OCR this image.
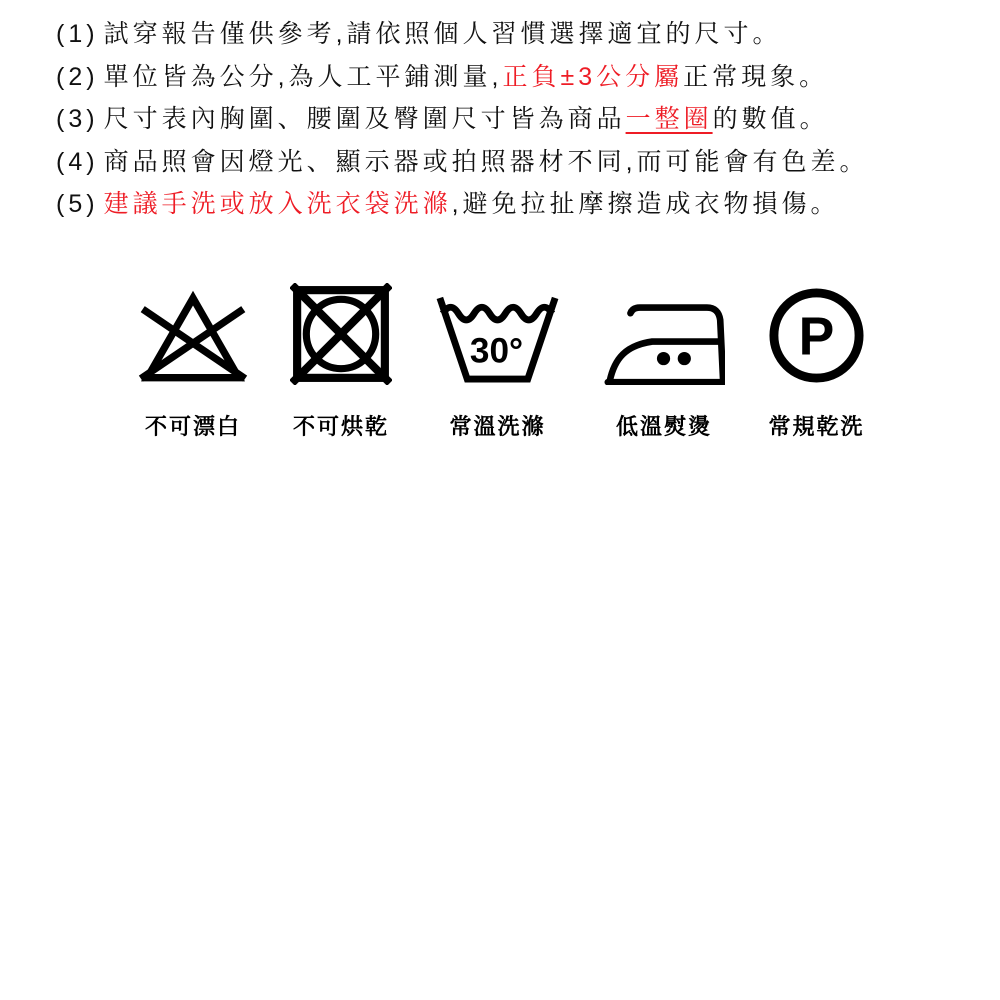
(1) 試穿報告僅供參考,請依照個人習慣選擇適宜的尺寸。
(2) 單位皆為公分,為人工平鋪測量,正負±3公分屬正常現象。
(3) 尺寸表內胸圍、腰圍及臀圍尺寸皆為商品一整圈的數值。
(4) 商品照會因燈光、顯示器或拍照器材不同,而可能會有色差。
(5) 建議手洗或放入洗衣袋洗滌,避免拉扯摩擦造成衣物損傷。
不可漂白 不可烘乾
30°
常溫洗滌	低溫熨燙
P
常規乾洗
